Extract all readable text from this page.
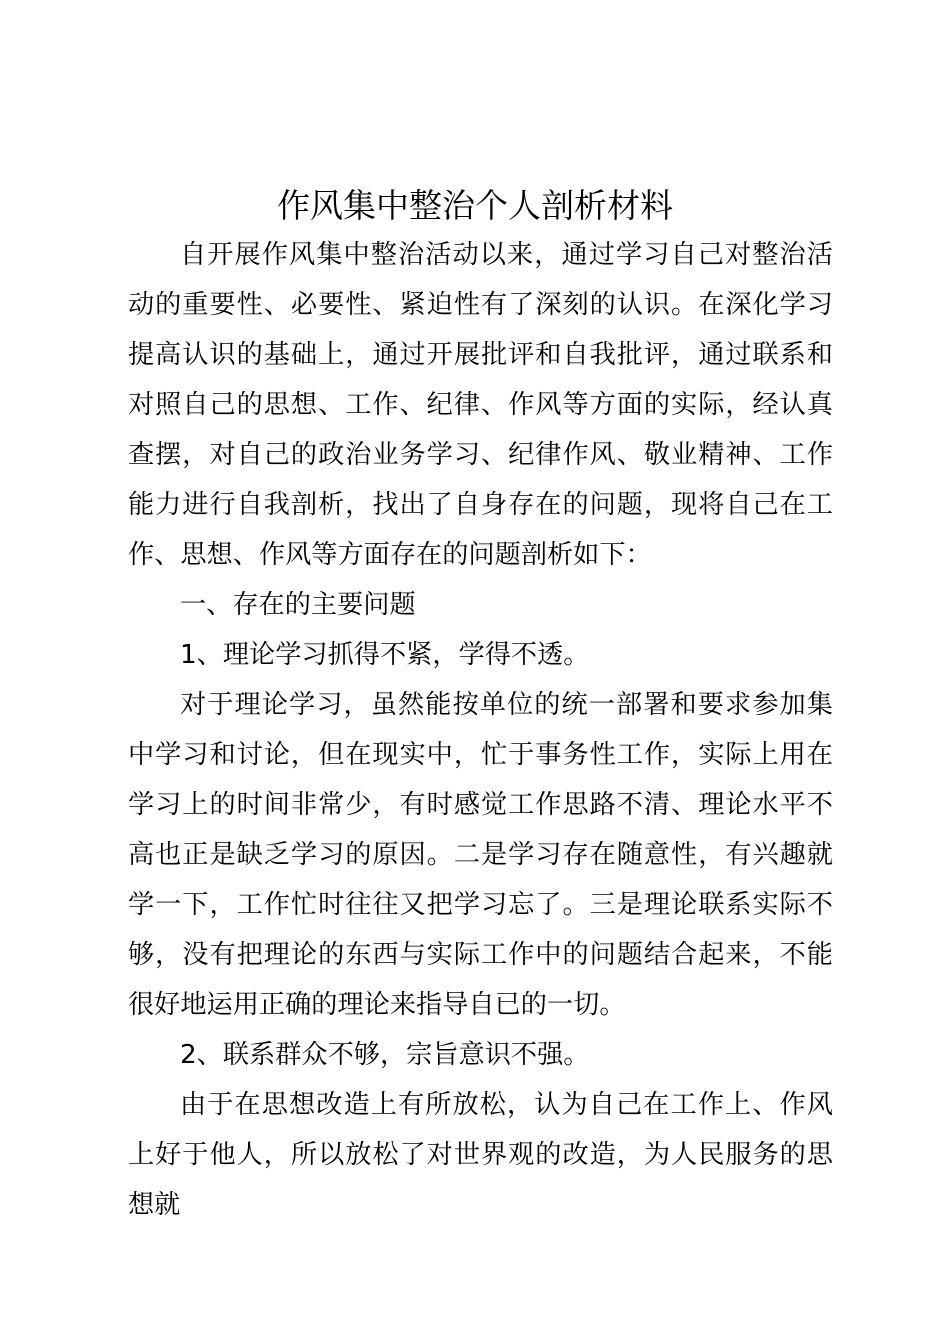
作风集中整治个人剖析材料

自开展作风集中整治活动以来，通过学习自己对整治活动的重要性、必要性、紧迫性有了深刻的认识。在深化学习提高认识的基础上，通过开展批评和自我批评，通过联系和对照自己的思想、工作、纪律、作风等方面的实际，经认真查摆，对自己的政治业务学习、纪律作风、敬业精神、工作能力进行自我剖析，找出了自身存在的问题，现将自己在工作、思想、作风等方面存在的问题剖析如下：

一、存在的主要问题

1、理论学习抓得不紧，学得不透。

对于理论学习，虽然能按单位的统一部署和要求参加集中学习和讨论，但在现实中，忙于事务性工作，实际上用在学习上的时间非常少，有时感觉工作思路不清、理论水平不高也正是缺乏学习的原因。二是学习存在随意性，有兴趣就学一下，工作忙时往往又把学习忘了。三是理论联系实际不够，没有把理论的东西与实际工作中的问题结合起来，不能很好地运用正确的理论来指导自已的一切。

2、联系群众不够，宗旨意识不强。

由于在思想改造上有所放松，认为自己在工作上、作风上好于他人，所以放松了对世界观的改造，为人民服务的思想就
